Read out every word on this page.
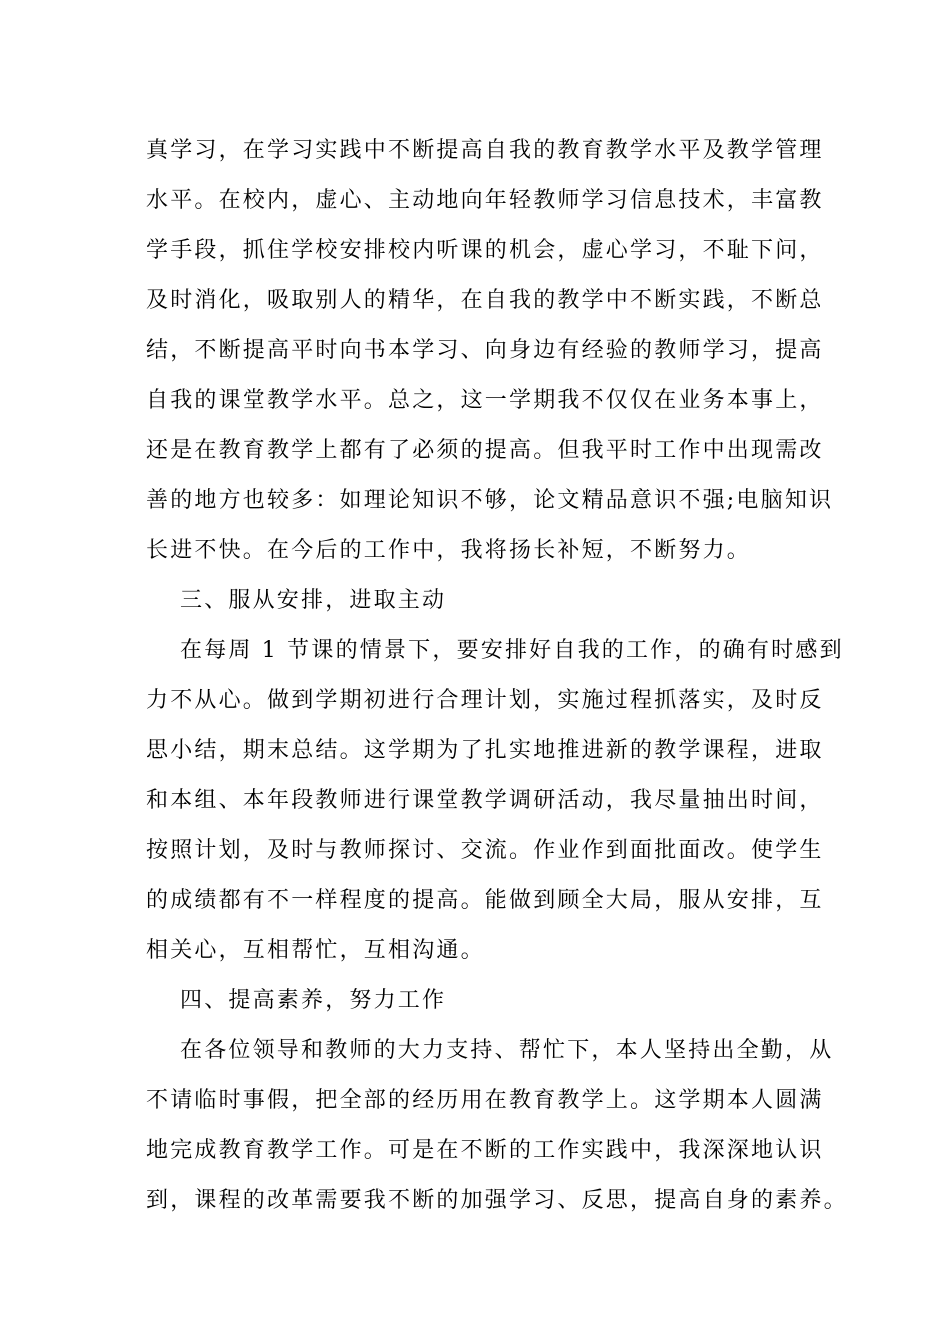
真学习，在学习实践中不断提高自我的教育教学水平及教学管理
水平。在校内，虚心、主动地向年轻教师学习信息技术，丰富教
学手段，抓住学校安排校内听课的机会，虚心学习，不耻下问，
及时消化，吸取别人的精华，在自我的教学中不断实践，不断总
结，不断提高平时向书本学习、向身边有经验的教师学习，提高
自我的课堂教学水平。总之，这一学期我不仅仅在业务本事上，
还是在教育教学上都有了必须的提高。但我平时工作中出现需改
善的地方也较多：如理论知识不够，论文精品意识不强;电脑知识
长进不快。在今后的工作中，我将扬长补短，不断努力。
三、服从安排，进取主动
在每周 1 节课的情景下，要安排好自我的工作，的确有时感到
力不从心。做到学期初进行合理计划，实施过程抓落实，及时反
思小结，期末总结。这学期为了扎实地推进新的教学课程，进取
和本组、本年段教师进行课堂教学调研活动，我尽量抽出时间，
按照计划，及时与教师探讨、交流。作业作到面批面改。使学生
的成绩都有不一样程度的提高。能做到顾全大局，服从安排，互
相关心，互相帮忙，互相沟通。
四、提高素养，努力工作
在各位领导和教师的大力支持、帮忙下，本人坚持出全勤，从
不请临时事假，把全部的经历用在教育教学上。这学期本人圆满
地完成教育教学工作。可是在不断的工作实践中，我深深地认识
到，课程的改革需要我不断的加强学习、反思，提高自身的素养。
